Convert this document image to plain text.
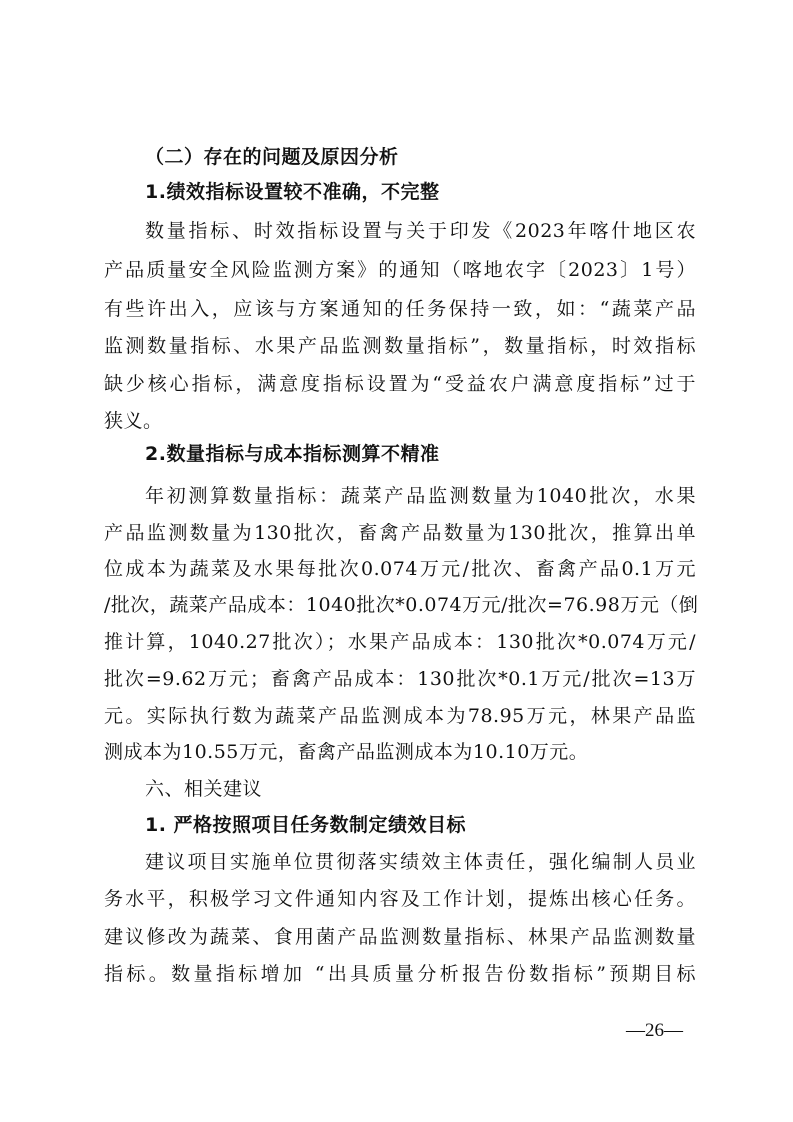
（二）存在的问题及原因分析
1.绩效指标设置较不准确，不完整
数量指标、时效指标设置与关于印发《2023年喀什地区农
产品质量安全风险监测方案》的通知（喀地农字〔2023〕1号）
有些许出入，应该与方案通知的任务保持一致，如：“蔬菜产品
监测数量指标、水果产品监测数量指标”，数量指标，时效指标
缺少核心指标，满意度指标设置为“受益农户满意度指标”过于
狭义。
2.数量指标与成本指标测算不精准
年初测算数量指标：蔬菜产品监测数量为1040批次，水果
产品监测数量为130批次，畜禽产品数量为130批次，推算出单
位成本为蔬菜及水果每批次0.074万元/批次、畜禽产品0.1万元
/批次，蔬菜产品成本：1040批次*0.074万元/批次=76.98万元（倒
推计算，1040.27批次）；水果产品成本：130批次*0.074万元/
批次=9.62万元；畜禽产品成本：130批次*0.1万元/批次=13万
元。实际执行数为蔬菜产品监测成本为78.95万元，林果产品监
测成本为10.55万元，畜禽产品监测成本为10.10万元。
六、相关建议
1. 严格按照项目任务数制定绩效目标
建议项目实施单位贯彻落实绩效主体责任，强化编制人员业
务水平，积极学习文件通知内容及工作计划，提炼出核心任务。
建议修改为蔬菜、食用菌产品监测数量指标、林果产品监测数量
指标。数量指标增加 “出具质量分析报告份数指标”预期目标
—26—
